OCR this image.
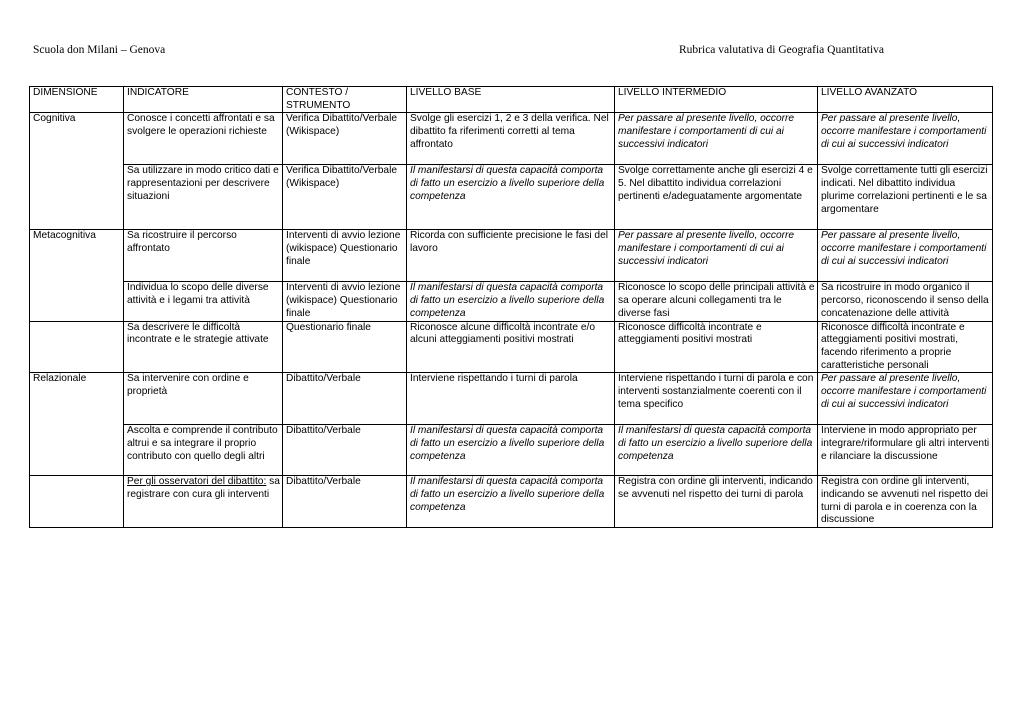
Scuola don Milani – Genova	Rubrica valutativa di Geografia Quantitativa
DIMENSIONE	INDICATORE	CONTESTO / STRUMENTO	LIVELLO BASE	LIVELLO INTERMEDIO	LIVELLO AVANZATO
Cognitiva	Conosce i concetti affrontati e sa svolgere le operazioni richieste	Verifica Dibattito/Verbale (Wikispace)	Svolge gli esercizi 1, 2 e 3 della verifica. Nel dibattito fa riferimenti corretti al tema affrontato	Per passare al presente livello, occorre manifestare i comportamenti di cui ai successivi indicatori	Per passare al presente livello, occorre manifestare i comportamenti di cui ai successivi indicatori
	Sa utilizzare in modo critico dati e rappresentazioni per descrivere situazioni	Verifica Dibattito/Verbale (Wikispace)	Il manifestarsi di questa capacità comporta di fatto un esercizio a livello superiore della competenza	Svolge correttamente anche gli esercizi 4 e 5. Nel dibattito individua correlazioni pertinenti e/adeguatamente argomentate	Svolge correttamente tutti gli esercizi indicati. Nel dibattito individua plurime correlazioni pertinenti e le sa argomentare
Metacognitiva	Sa ricostruire il percorso affrontato	Interventi di avvio lezione (wikispace) Questionario finale	Ricorda con sufficiente precisione le fasi del lavoro	Per passare al presente livello, occorre manifestare i comportamenti di cui ai successivi indicatori	Per passare al presente livello, occorre manifestare i comportamenti di cui ai successivi indicatori
	Individua lo scopo delle diverse attività e i legami tra attività	Interventi di avvio lezione (wikispace) Questionario finale	Il manifestarsi di questa capacità comporta di fatto un esercizio a livello superiore della competenza	Riconosce lo scopo delle principali attività e sa operare alcuni collegamenti tra le diverse fasi	Sa ricostruire in modo organico il percorso, riconoscendo il senso della concatenazione delle attività
	Sa descrivere le difficoltà incontrate e le strategie attivate	Questionario finale	Riconosce alcune difficoltà incontrate e/o alcuni atteggiamenti positivi mostrati	Riconosce difficoltà incontrate e atteggiamenti positivi mostrati	Riconosce difficoltà incontrate e atteggiamenti positivi mostrati, facendo riferimento a proprie caratteristiche personali
Relazionale	Sa intervenire con ordine e proprietà	Dibattito/Verbale	Interviene rispettando i turni di parola	Interviene rispettando i turni di parola e con interventi sostanzialmente coerenti con il tema specifico	Per passare al presente livello, occorre manifestare i comportamenti di cui ai successivi indicatori
	Ascolta e comprende il contributo altrui e sa integrare il proprio contributo con quello degli altri	Dibattito/Verbale	Il manifestarsi di questa capacità comporta di fatto un esercizio a livello superiore della competenza	Il manifestarsi di questa capacità comporta di fatto un esercizio a livello superiore della competenza	Interviene in modo appropriato per integrare/riformulare gli altri interventi e rilanciare la discussione
	Per gli osservatori del dibattito: sa registrare con cura gli interventi	Dibattito/Verbale	Il manifestarsi di questa capacità comporta di fatto un esercizio a livello superiore della competenza	Registra con ordine gli interventi, indicando se avvenuti nel rispetto dei turni di parola	Registra con ordine gli interventi, indicando se avvenuti nel rispetto dei turni di parola e in coerenza con la discussione
